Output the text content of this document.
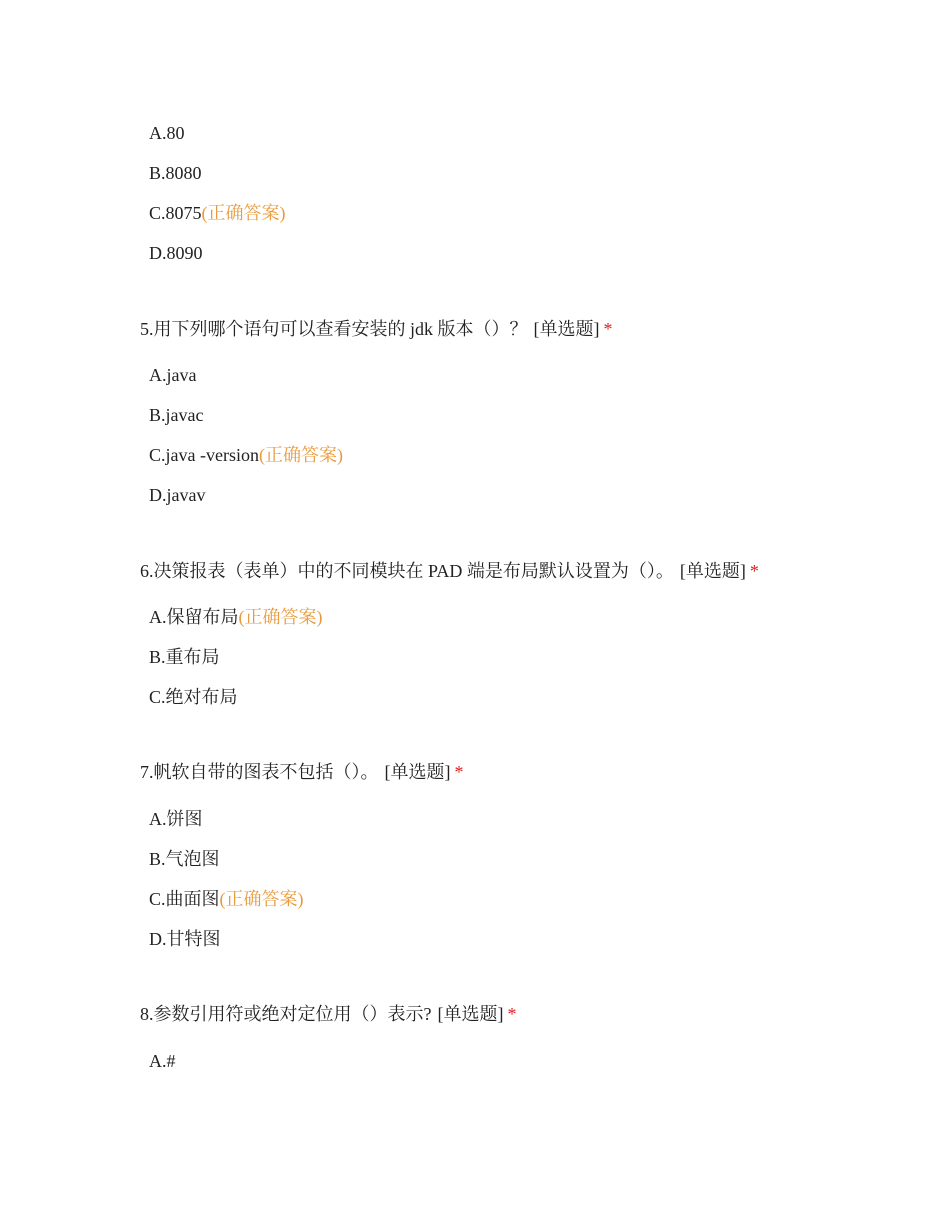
A.80
B.8080
C.8075(正确答案)
D.8090
5.用下列哪个语句可以查看安装的 jdk 版本（）？ [单选题] *
A.java
B.javac
C.java -version(正确答案)
D.javav
6.决策报表（表单）中的不同模块在 PAD 端是布局默认设置为（）。 [单选题] *
A.保留布局(正确答案)
B.重布局
C.绝对布局
7.帆软自带的图表不包括（）。 [单选题] *
A.饼图
B.气泡图
C.曲面图(正确答案)
D.甘特图
8.参数引用符或绝对定位用（）表示? [单选题] *
A.#
